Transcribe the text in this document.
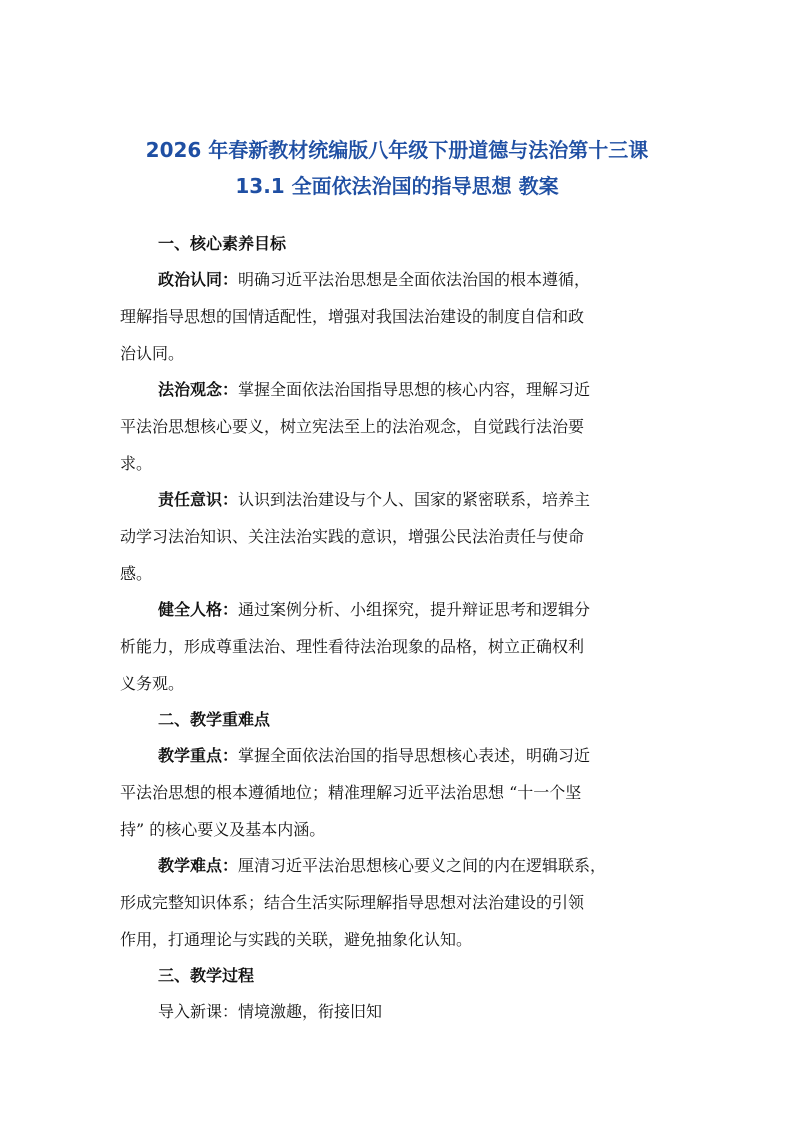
2026 年春新教材统编版八年级下册道德与法治第十三课
13.1 全面依法治国的指导思想 教案
一、核心素养目标
政治认同：明确习近平法治思想是全面依法治国的根本遵循，
理解指导思想的国情适配性，增强对我国法治建设的制度自信和政
治认同。
法治观念：掌握全面依法治国指导思想的核心内容，理解习近
平法治思想核心要义，树立宪法至上的法治观念，自觉践行法治要
求。
责任意识：认识到法治建设与个人、国家的紧密联系，培养主
动学习法治知识、关注法治实践的意识，增强公民法治责任与使命
感。
健全人格：通过案例分析、小组探究，提升辩证思考和逻辑分
析能力，形成尊重法治、理性看待法治现象的品格，树立正确权利
义务观。
二、教学重难点
教学重点：掌握全面依法治国的指导思想核心表述，明确习近
平法治思想的根本遵循地位；精准理解习近平法治思想 “十一个坚
持” 的核心要义及基本内涵。
教学难点：厘清习近平法治思想核心要义之间的内在逻辑联系，
形成完整知识体系；结合生活实际理解指导思想对法治建设的引领
作用，打通理论与实践的关联，避免抽象化认知。
三、教学过程
导入新课：情境激趣，衔接旧知
